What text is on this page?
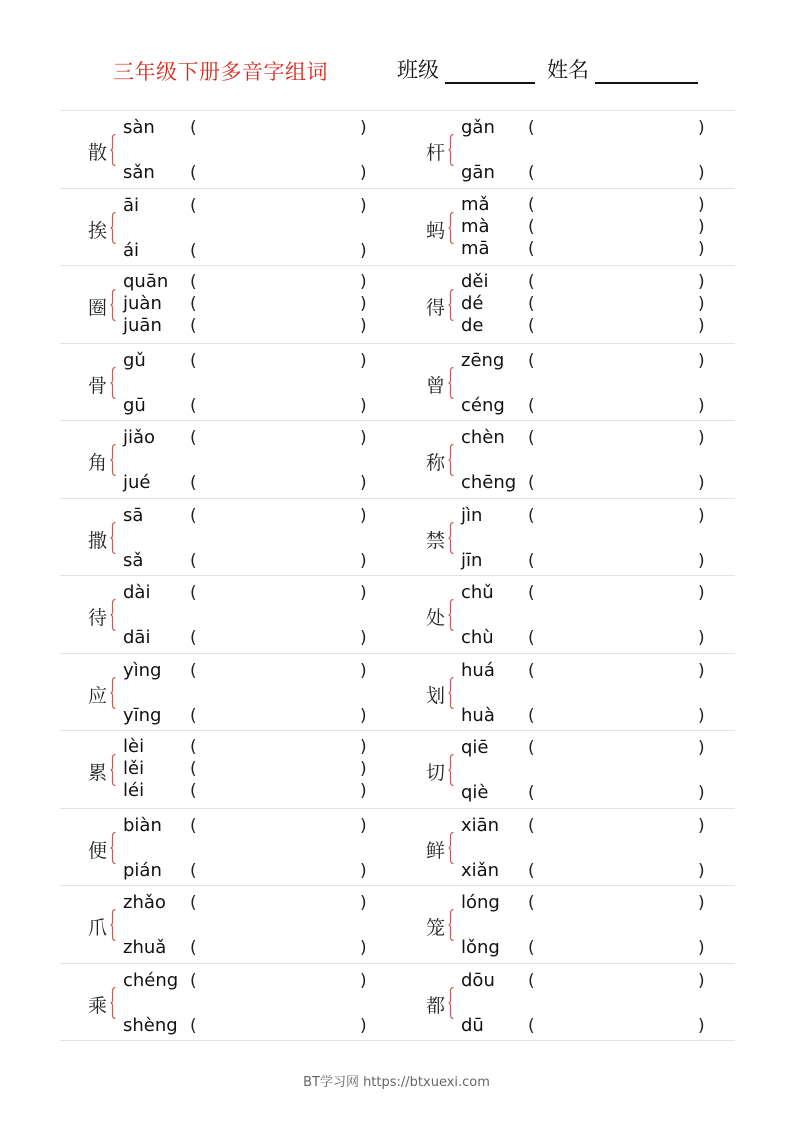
三年级下册多音字组词	班级	姓名
散
sàn (	)
sǎn (	)
杆
gǎn (	)
gān (	)
挨
āi	(	)
ái	(	)
蚂
mǎ (	)
mà (	)
mā (	)
圈
quān (	)
juàn (	)
juān (	)
得
děi (	)
dé	(	)
de	(	)
骨
gǔ	(	)
gū	(	)
曾
zēng (	)
céng (	)
角
jiǎo (	)
jué (	)
称
chèn (	)
chēng (	)
撒
sā	(	)
sǎ	(	)
禁
jìn	(	)
jīn	(	)
待
dài (	)
dāi (	)
处
chǔ (	)
chù (	)
应
yìng (	)
yīng (	)
划
huá (	)
huà (	)
累
lèi	(	)
lěi	(	)
léi	(	)
切
qiē (	)
qiè (	)
便
biàn (	)
pián (	)
鲜
xiān (	)
xiǎn (	)
爪
zhǎo (	)
zhuǎ (	)
笼
lóng (	)
lǒng (	)
乘
chéng (	)
shèng (	)
都
dōu (	)
dū	(	)
BT学习网 https://btxuexi.com
